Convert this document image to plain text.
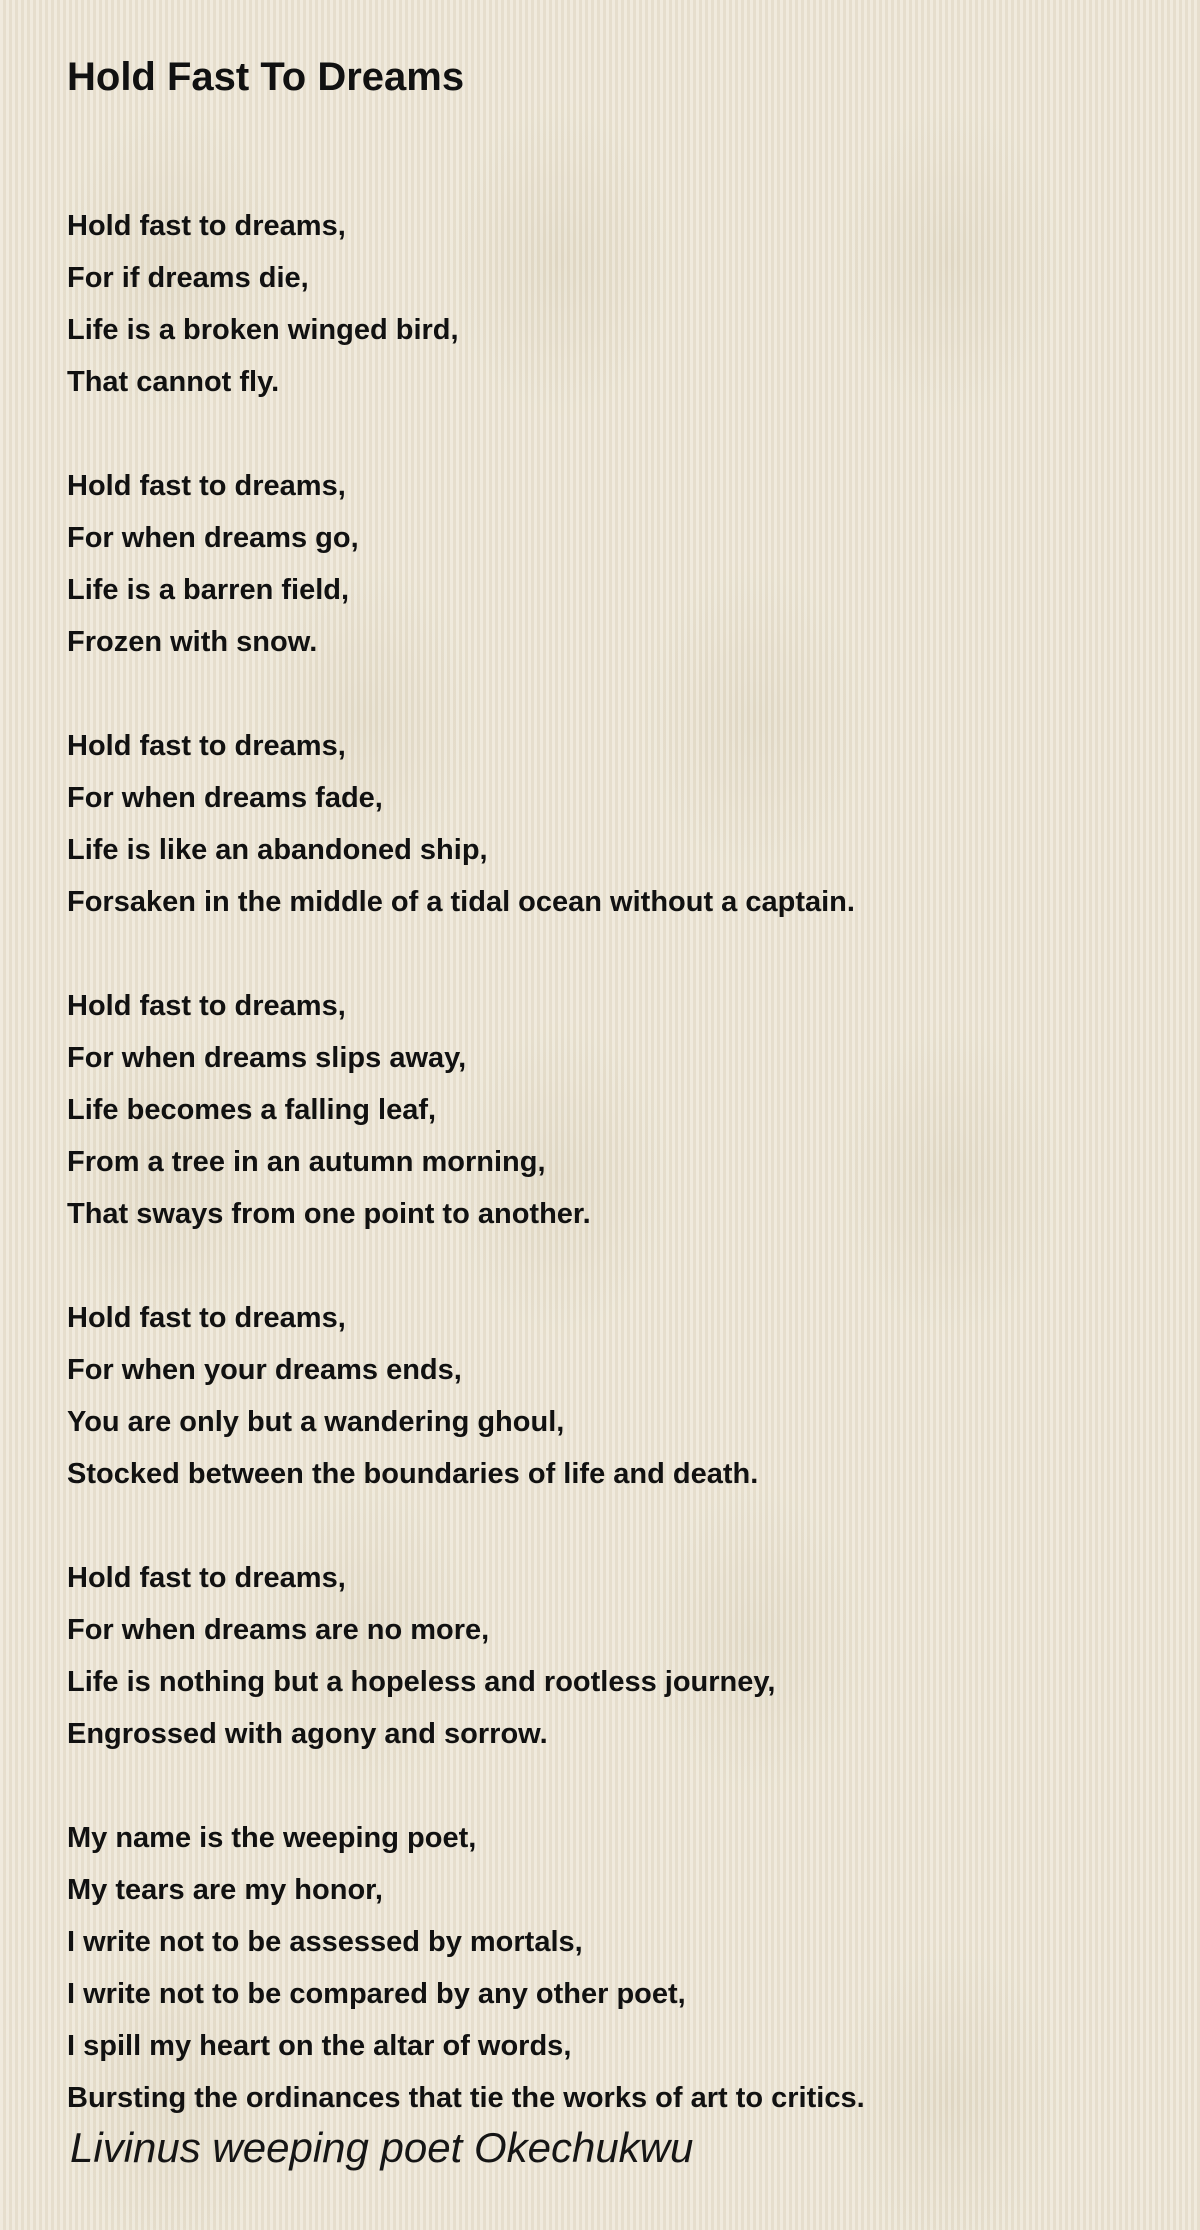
Hold Fast To Dreams

Hold fast to dreams,
For if dreams die,
Life is a broken winged bird,
That cannot fly.

Hold fast to dreams,
For when dreams go,
Life is a barren field,
Frozen with snow.

Hold fast to dreams,
For when dreams fade,
Life is like an abandoned ship,
Forsaken in the middle of a tidal ocean without a captain.

Hold fast to dreams,
For when dreams slips away,
Life becomes a falling leaf,
From a tree in an autumn morning,
That sways from one point to another.

Hold fast to dreams,
For when your dreams ends,
You are only but a wandering ghoul,
Stocked between the boundaries of life and death.

Hold fast to dreams,
For when dreams are no more,
Life is nothing but a hopeless and rootless journey,
Engrossed with agony and sorrow.

My name is the weeping poet,
My tears are my honor,
I write not to be assessed by mortals,
I write not to be compared by any other poet,
I spill my heart on the altar of words,
Bursting the ordinances that tie the works of art to critics.

Livinus weeping poet Okechukwu
